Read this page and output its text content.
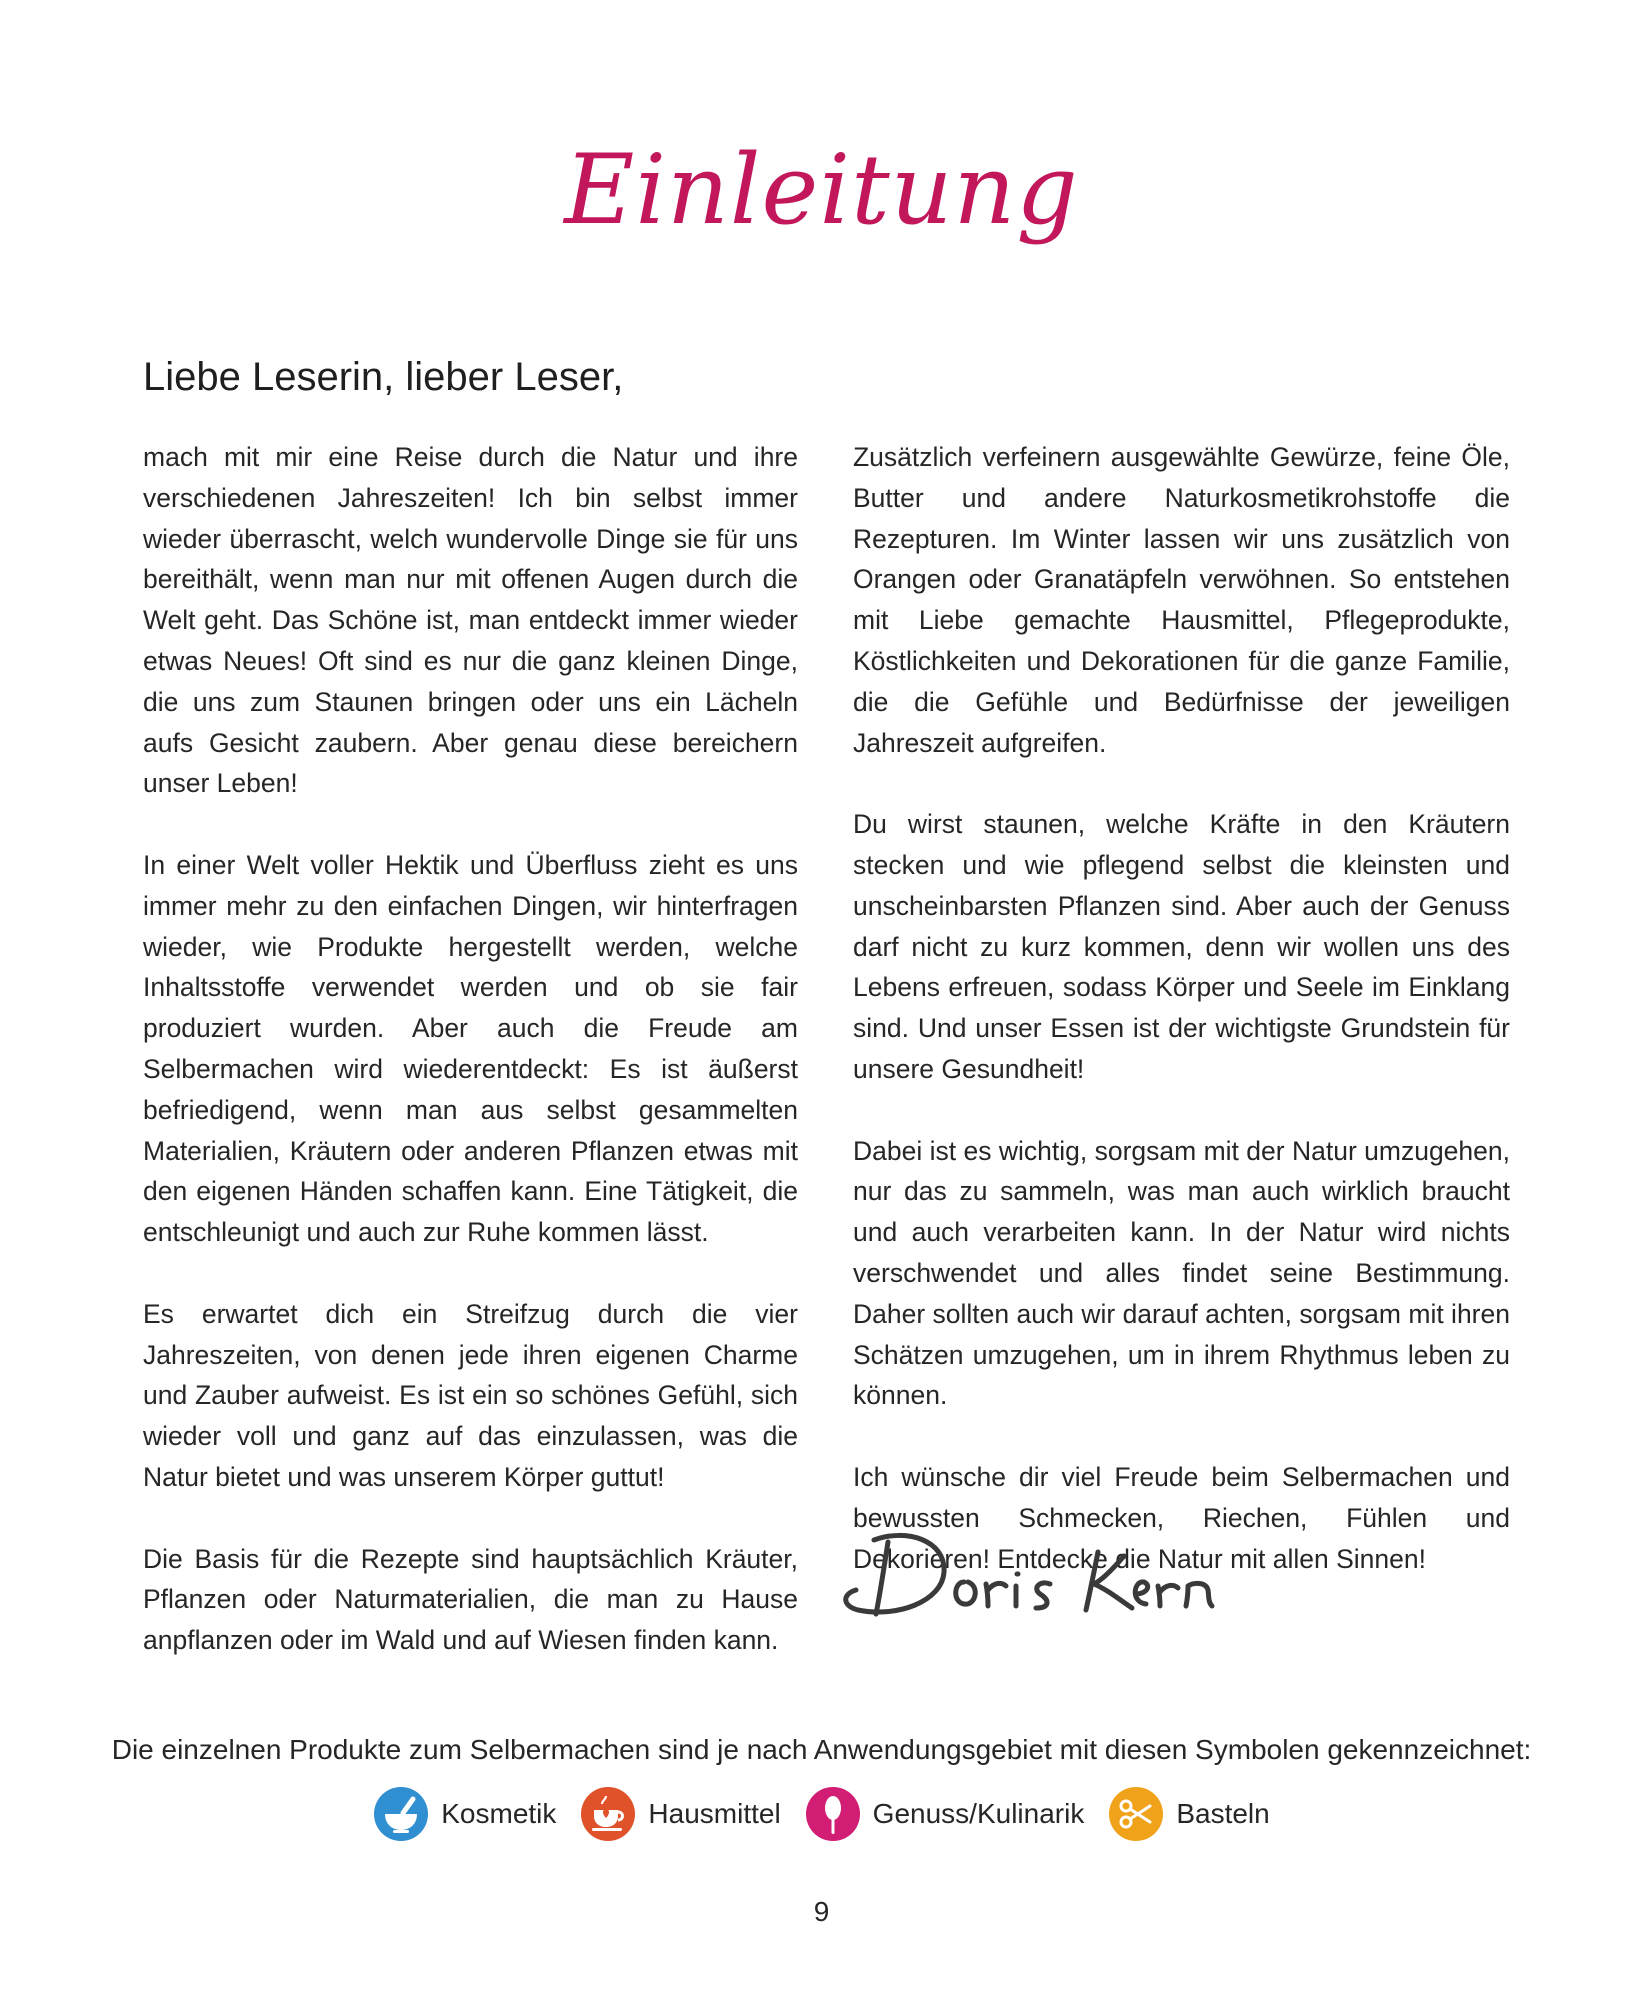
Einleitung
Liebe Leserin, lieber Leser,

mach mit mir eine Reise durch die Natur und ihre verschiedenen Jahreszeiten! Ich bin selbst immer wieder überrascht, welch wundervolle Dinge sie für uns bereithält, wenn man nur mit offenen Augen durch die Welt geht. Das Schöne ist, man entdeckt immer wieder etwas Neues! Oft sind es nur die ganz kleinen Dinge, die uns zum Staunen bringen oder uns ein Lächeln aufs Gesicht zaubern. Aber genau diese bereichern unser Leben!

In einer Welt voller Hektik und Überfluss zieht es uns immer mehr zu den einfachen Dingen, wir hinterfragen wieder, wie Produkte hergestellt werden, welche Inhaltsstoffe verwendet werden und ob sie fair produziert wurden. Aber auch die Freude am Selbermachen wird wiederentdeckt: Es ist äußerst befriedigend, wenn man aus selbst gesammelten Materialien, Kräutern oder anderen Pflanzen etwas mit den eigenen Händen schaffen kann. Eine Tätigkeit, die entschleunigt und auch zur Ruhe kommen lässt.

Es erwartet dich ein Streifzug durch die vier Jahreszeiten, von denen jede ihren eigenen Charme und Zauber aufweist. Es ist ein so schönes Gefühl, sich wieder voll und ganz auf das einzulassen, was die Natur bietet und was unserem Körper guttut!

Die Basis für die Rezepte sind hauptsächlich Kräuter, Pflanzen oder Naturmaterialien, die man zu Hause anpflanzen oder im Wald und auf Wiesen finden kann.

Zusätzlich verfeinern ausgewählte Gewürze, feine Öle, Butter und andere Naturkosmetikrohstoffe die Rezepturen. Im Winter lassen wir uns zusätzlich von Orangen oder Granatäpfeln verwöhnen. So entstehen mit Liebe gemachte Hausmittel, Pflegeprodukte, Köstlichkeiten und Dekorationen für die ganze Familie, die die Gefühle und Bedürfnisse der jeweiligen Jahreszeit aufgreifen.

Du wirst staunen, welche Kräfte in den Kräutern stecken und wie pflegend selbst die kleinsten und unscheinbarsten Pflanzen sind. Aber auch der Genuss darf nicht zu kurz kommen, denn wir wollen uns des Lebens erfreuen, sodass Körper und Seele im Einklang sind. Und unser Essen ist der wichtigste Grundstein für unsere Gesundheit!

Dabei ist es wichtig, sorgsam mit der Natur umzugehen, nur das zu sammeln, was man auch wirklich braucht und auch verarbeiten kann. In der Natur wird nichts verschwendet und alles findet seine Bestimmung. Daher sollten auch wir darauf achten, sorgsam mit ihren Schätzen umzugehen, um in ihrem Rhythmus leben zu können.

Ich wünsche dir viel Freude beim Selbermachen und bewussten Schmecken, Riechen, Fühlen und Dekorieren! Entdecke die Natur mit allen Sinnen!

Die einzelnen Produkte zum Selbermachen sind je nach Anwendungsgebiet mit diesen Symbolen gekennzeichnet:
Kosmetik	Hausmittel	Genuss/Kulinarik	Basteln
9
